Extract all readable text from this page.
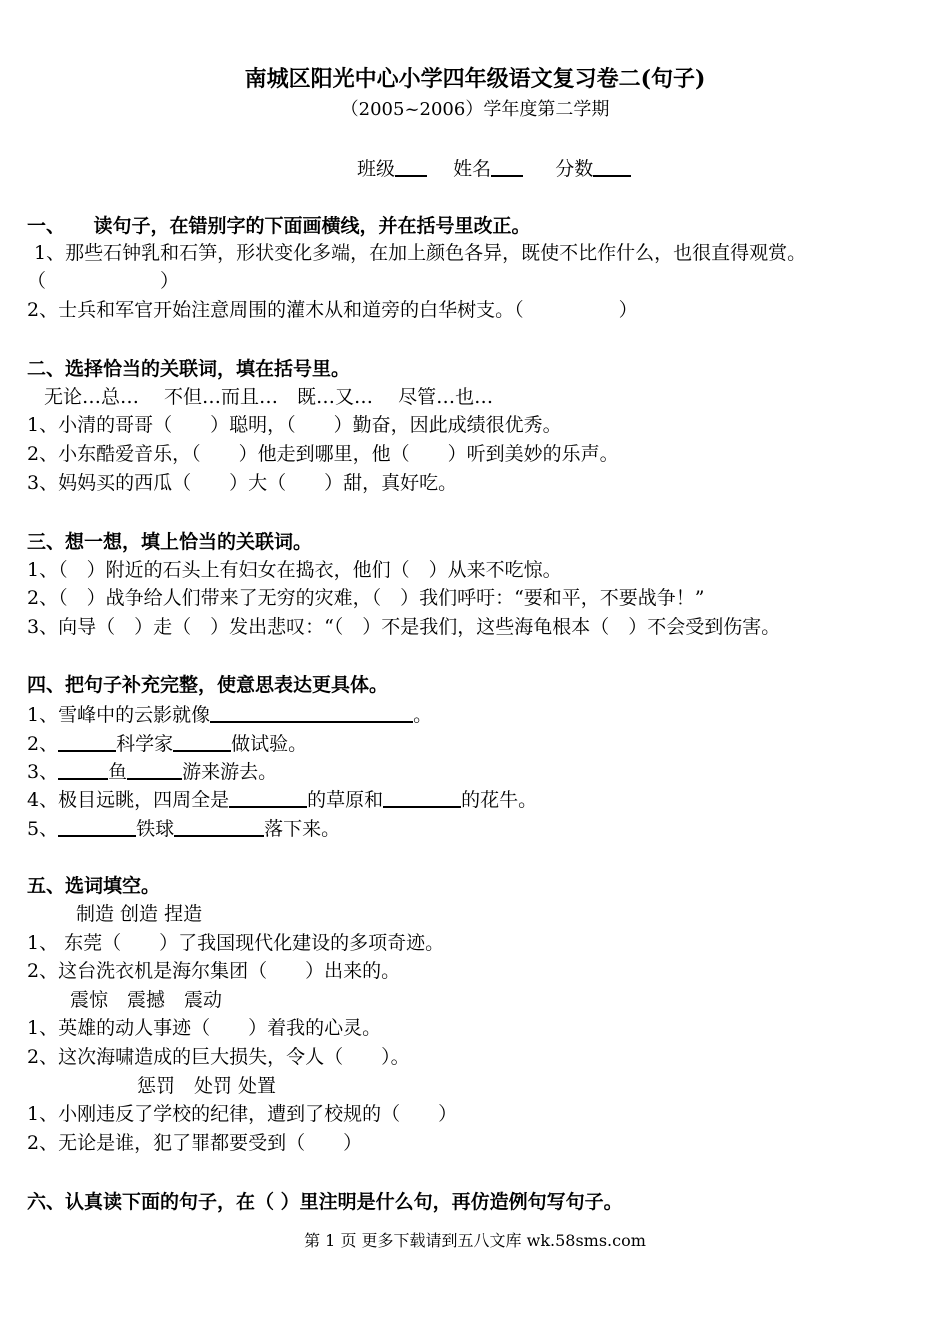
南城区阳光中心小学四年级语文复习卷二(句子)
（2005~2006）学年度第二学期
班级	姓名	分数
一、　　读句子，在错别字的下面画横线，并在括号里改正。
1、那些石钟乳和石笋，形状变化多端，在加上颜色各异，既使不比作什么，也很直得观赏。
（　　　　　　）
2、士兵和军官开始注意周围的灌木从和道旁的白华树支。（　　　　　）
二、选择恰当的关联词，填在括号里。
无论…总…　 不但…而且…　既…又…　 尽管…也…
1、小清的哥哥（　　）聪明，（　　）勤奋，因此成绩很优秀。
2、小东酷爱音乐，（　　）他走到哪里，他（　　）听到美妙的乐声。
3、妈妈买的西瓜（　　）大（　　）甜，真好吃。
三、想一想，填上恰当的关联词。
1、（　）附近的石头上有妇女在捣衣，他们（　）从来不吃惊。
2、（　）战争给人们带来了无穷的灾难，（　）我们呼吁：“要和平，不要战争！”
3、向导（　）走（　）发出悲叹：“（　）不是我们，这些海龟根本（　）不会受到伤害。
四、把句子补充完整，使意思表达更具体。
1、雪峰中的云影就像	。
2、	科学家	做试验。
3、	鱼	游来游去。
4、极目远眺，四周全是	的草原和	的花牛。
5、	铁球	落下来。
五、选词填空。
制造 创造 捏造
1、 东莞（　　）了我国现代化建设的多项奇迹。
2、这台洗衣机是海尔集团（　　）出来的。
震惊　震撼　震动
1、英雄的动人事迹（　　）着我的心灵。
2、这次海啸造成的巨大损失，令人（　　）。
惩罚　处罚 处置
1、小刚违反了学校的纪律，遭到了校规的（　　）
2、无论是谁，犯了罪都要受到（　　）
六、认真读下面的句子，在（ ）里注明是什么句，再仿造例句写句子。
第 1 页 更多下载请到五八文库 wk.58sms.com
